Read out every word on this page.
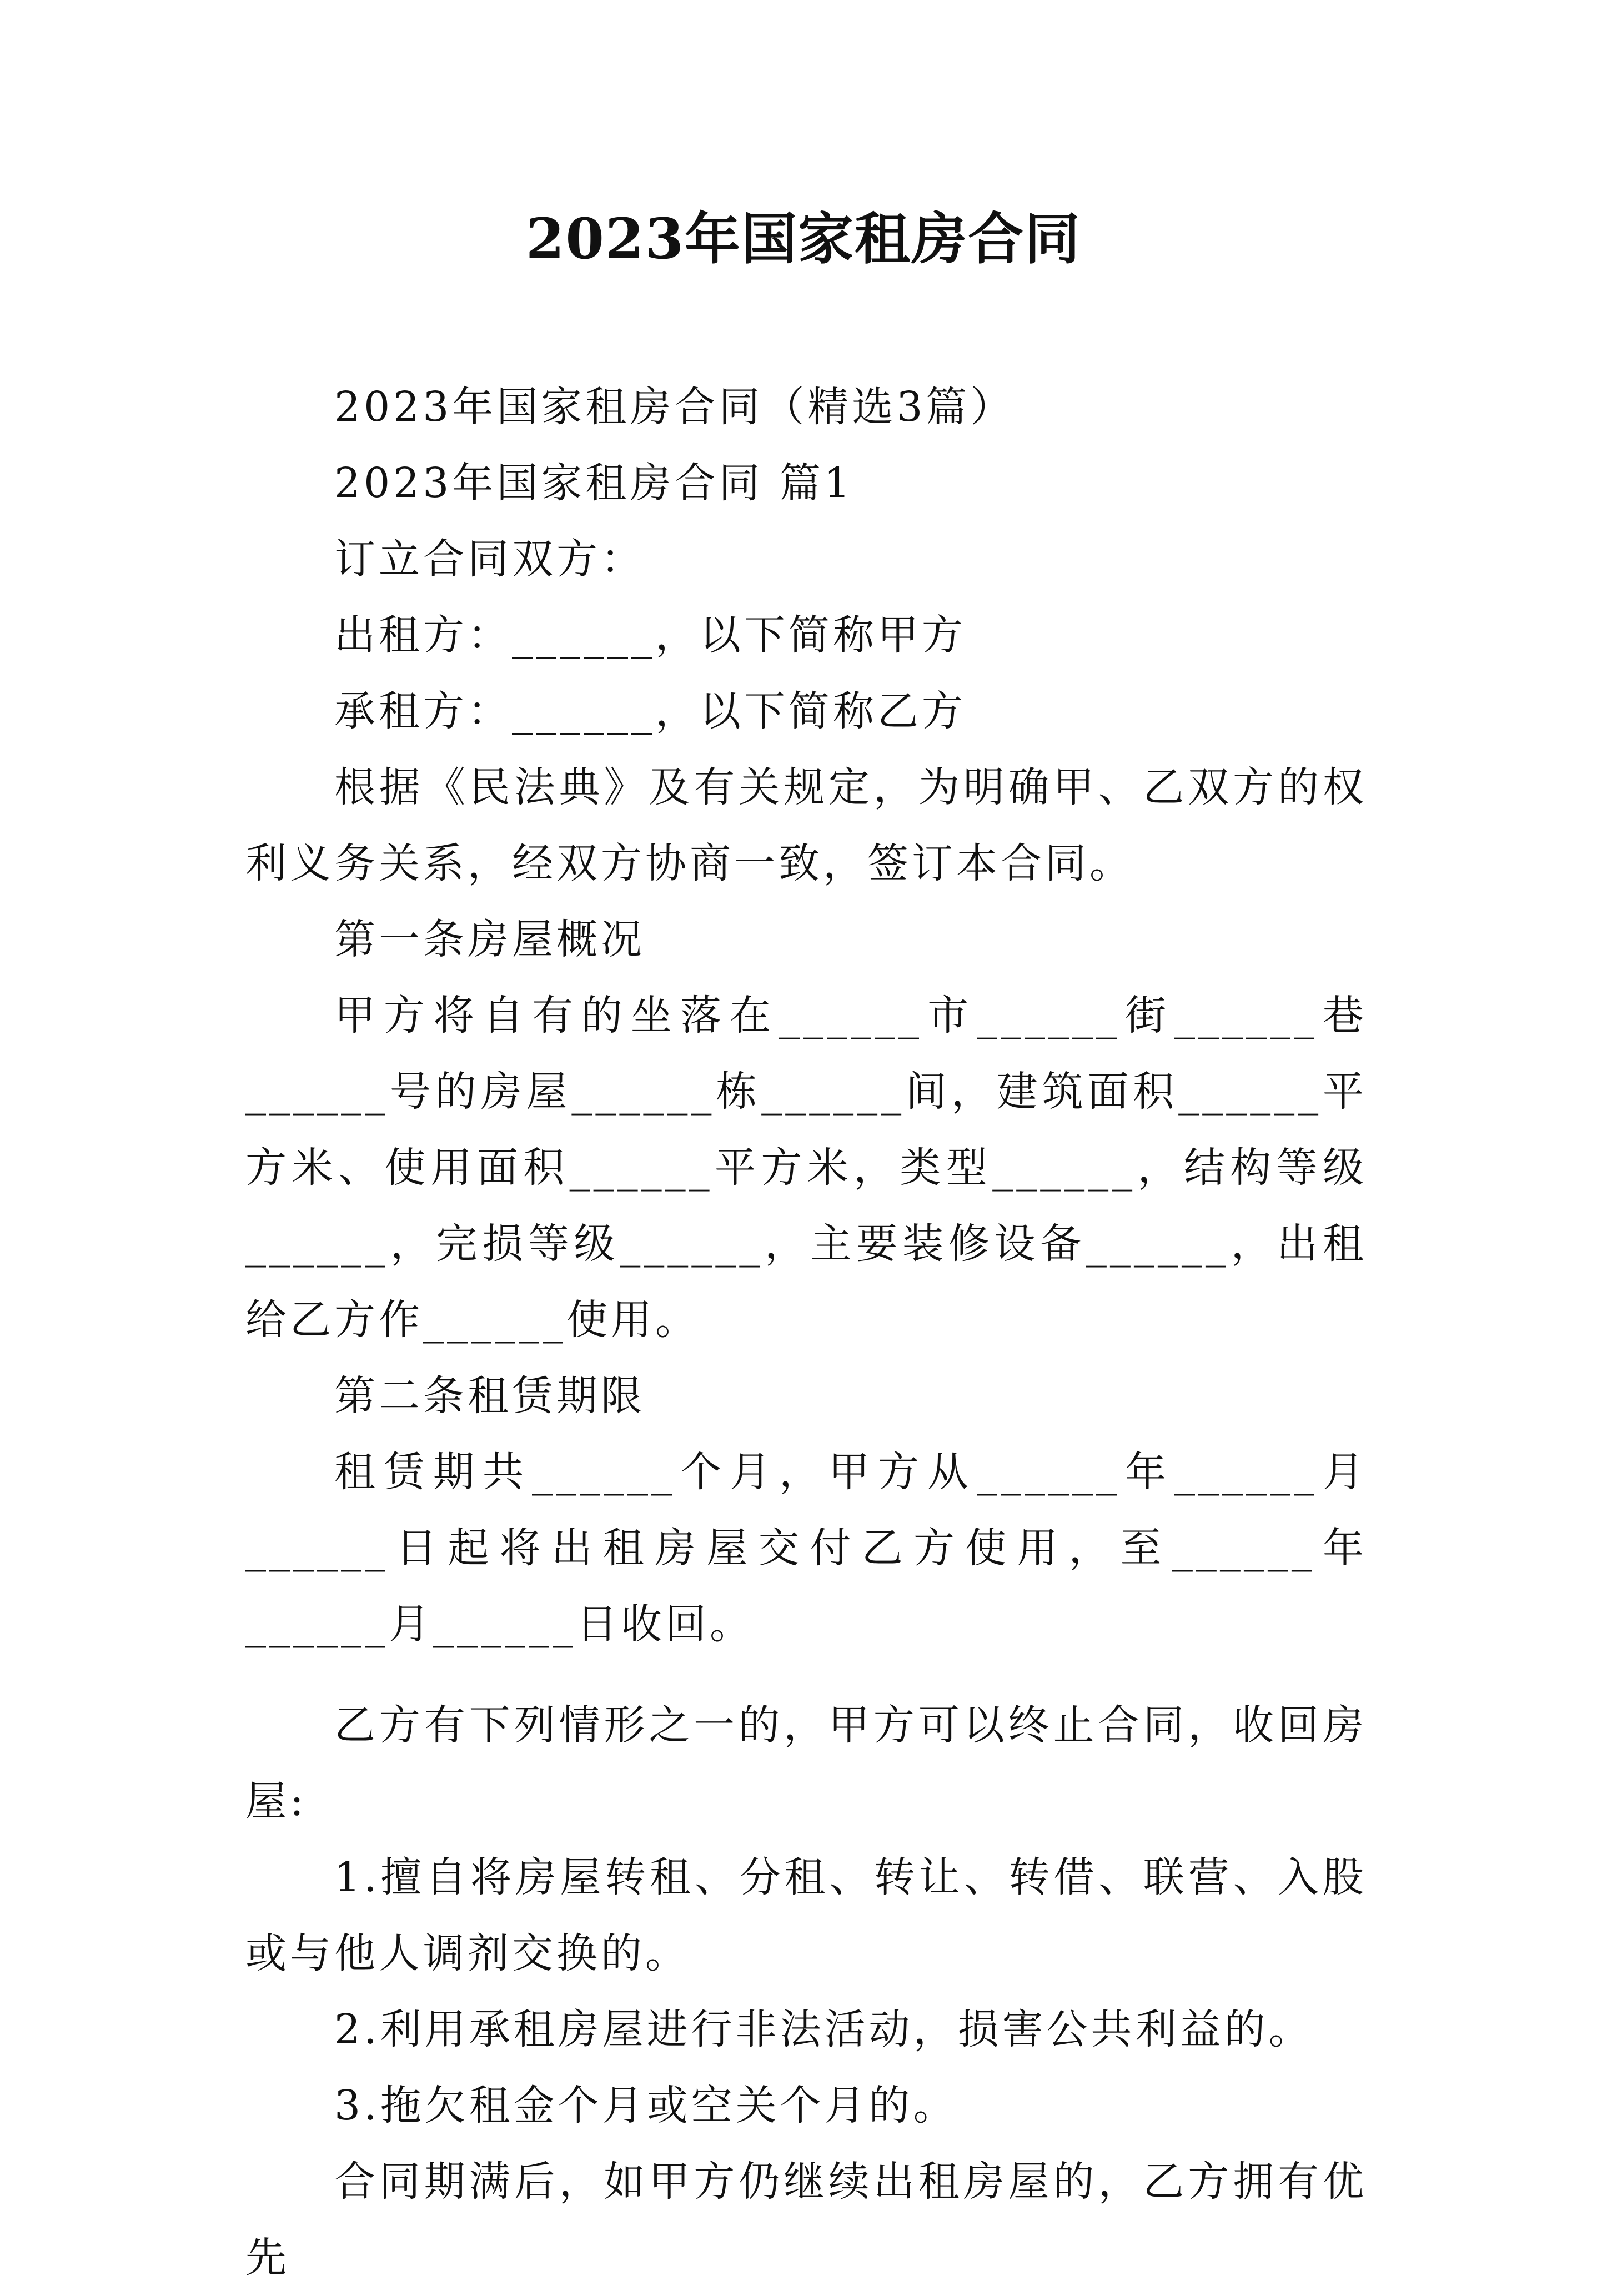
2023年国家租房合同

2023年国家租房合同（精选3篇）

2023年国家租房合同 篇1

订立合同双方：

出租方：______，以下简称甲方

承租方：______，以下简称乙方

根据《民法典》及有关规定，为明确甲、乙双方的权利义务关系，经双方协商一致，签订本合同。

第一条房屋概况

甲方将自有的坐落在______市______街______巷______号的房屋______栋______间，建筑面积______平方米、使用面积______平方米，类型______，结构等级______，完损等级______，主要装修设备______，出租给乙方作______使用。

第二条租赁期限

租赁期共______个月，甲方从______年______月______日起将出租房屋交付乙方使用，至______年______月______日收回。

乙方有下列情形之一的，甲方可以终止合同，收回房屋:

1.擅自将房屋转租、分租、转让、转借、联营、入股或与他人调剂交换的。

2.利用承租房屋进行非法活动，损害公共利益的。

3.拖欠租金个月或空关个月的。

合同期满后，如甲方仍继续出租房屋的，乙方拥有优先
